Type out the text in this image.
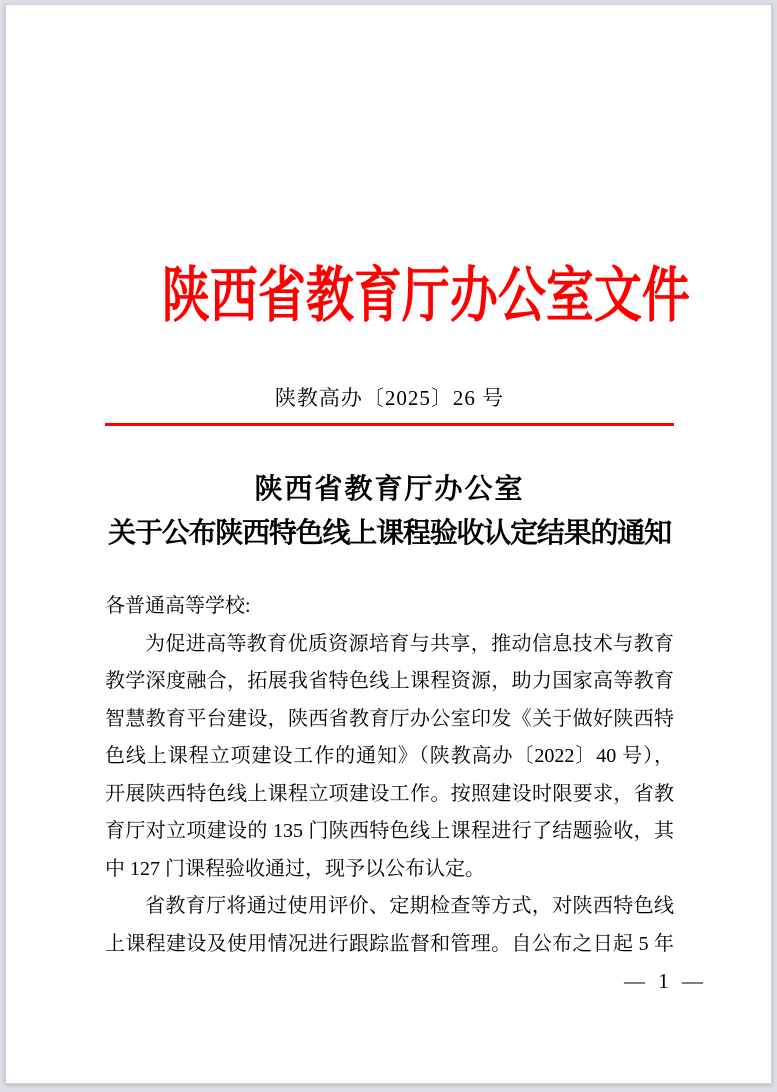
陕西省教育厅办公室文件
陕教高办〔2025〕26 号
陕西省教育厅办公室
关于公布陕西特色线上课程验收认定结果的通知
各普通高等学校:
为促进高等教育优质资源培育与共享，推动信息技术与教育
教学深度融合，拓展我省特色线上课程资源，助力国家高等教育
智慧教育平台建设，陕西省教育厅办公室印发《关于做好陕西特
色线上课程立项建设工作的通知》（陕教高办〔2022〕40 号），
开展陕西特色线上课程立项建设工作。按照建设时限要求，省教
育厅对立项建设的 135 门陕西特色线上课程进行了结题验收，其
中 127 门课程验收通过，现予以公布认定。
省教育厅将通过使用评价、定期检查等方式，对陕西特色线
上课程建设及使用情况进行跟踪监督和管理。自公布之日起 5 年
— 1 —
